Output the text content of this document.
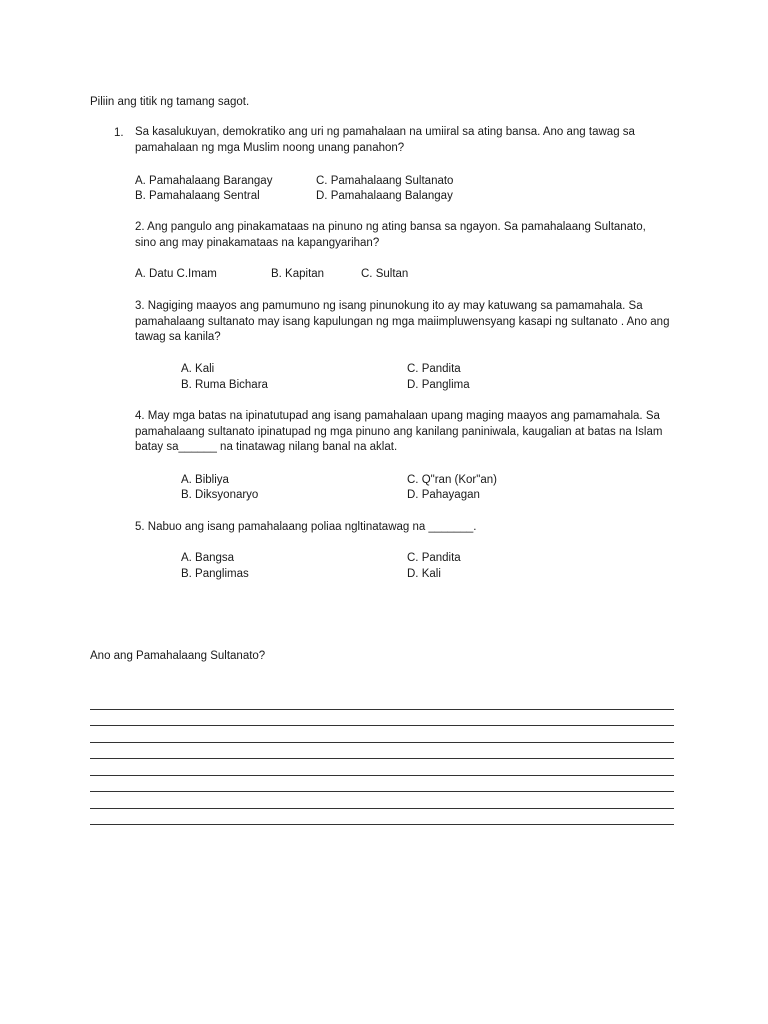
Piliin ang titik ng tamang sagot.
1. Sa kasalukuyan, demokratiko ang uri ng pamahalaan na umiiral sa ating bansa. Ano ang tawag sa pamahalaan ng mga Muslim noong unang panahon?
A. Pamahalaang Barangay	C. Pamahalaang Sultanato
B. Pamahalaang Sentral	D. Pamahalaang Balangay
2. Ang pangulo ang pinakamataas na pinuno ng ating bansa sa ngayon. Sa pamahalaang Sultanato, sino ang may pinakamataas na kapangyarihan?
A. Datu C.Imam	B. Kapitan	C. Sultan
3. Nagiging maayos ang pamumuno ng isang pinunokung ito ay may katuwang sa pamamahala. Sa pamahalaang sultanato may isang kapulungan ng mga maiimpluwensyang kasapi ng sultanato . Ano ang tawag sa kanila?
A. Kali	C. Pandita
B. Ruma Bichara	D. Panglima
4. May mga batas na ipinatutupad ang isang pamahalaan upang maging maayos ang pamamahala. Sa pamahalaang sultanato ipinatupad ng mga pinuno ang kanilang paniniwala, kaugalian at batas na Islam batay sa______ na tinatawag nilang banal na aklat.
A. Bibliya	C. Q"ran (Kor"an)
B. Diksyonaryo	D. Pahayagan
5. Nabuo ang isang pamahalaang poliaa ngltinatawag na _______.
A. Bangsa	C. Pandita
B. Panglimas	D. Kali
Ano ang Pamahalaang Sultanato?
